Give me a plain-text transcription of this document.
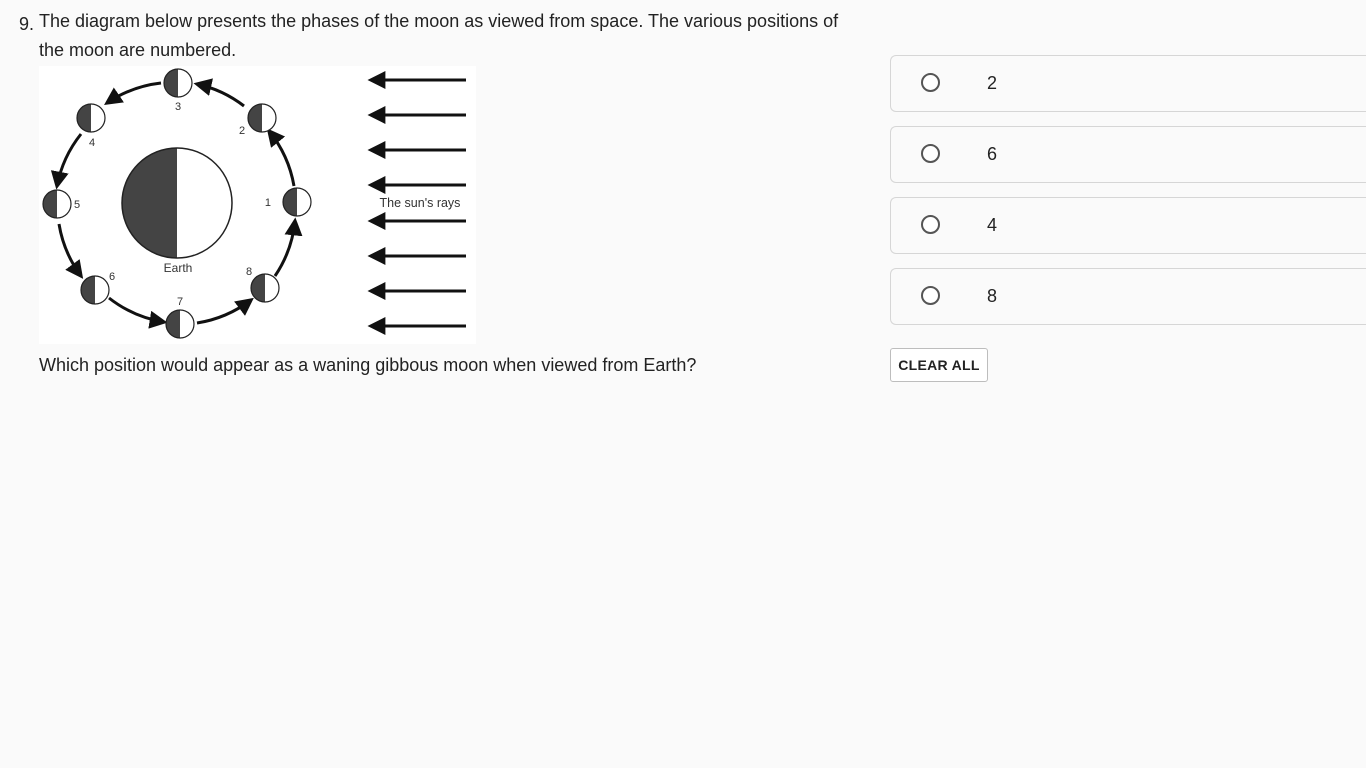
9. The diagram below presents the phases of the moon as viewed from space. The various positions of the moon are numbered.
Earth
1
2
3
4
5
6
7
8
The sun's rays
Which position would appear as a waning gibbous moon when viewed from Earth?
2
6
4
8
CLEAR ALL
